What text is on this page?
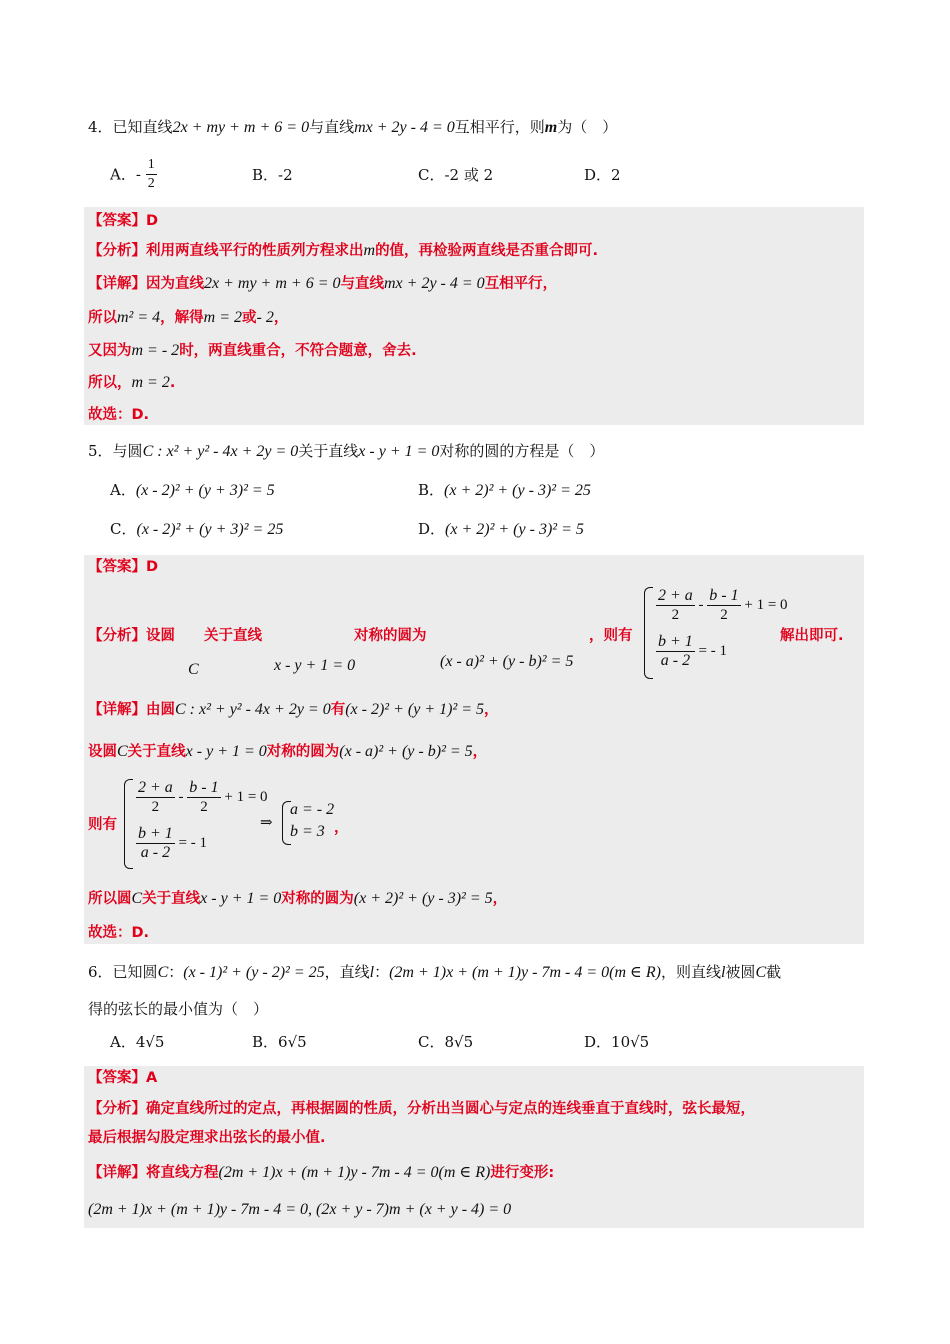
4．已知直线2x + my + m + 6 = 0与直线mx + 2y - 4 = 0互相平行，则m为（　）
A．- $\frac{1}{2}$	B．-2	C．-2 或 2	D．2
【答案】D
【分析】利用两直线平行的性质列方程求出m的值，再检验两直线是否重合即可.
【详解】因为直线2x + my + m + 6 = 0与直线mx + 2y - 4 = 0互相平行，
所以m² = 4，解得m = 2或- 2，
又因为m = - 2时，两直线重合，不符合题意，舍去.
所以，m = 2.
故选：D.
5．与圆C : x² + y² - 4x + 2y = 0关于直线x - y + 1 = 0对称的圆的方程是（　）
A．(x - 2)² + (y + 3)² = 5	B．(x + 2)² + (y - 3)² = 25
C．(x - 2)² + (y + 3)² = 25	D．(x + 2)² + (y - 3)² = 5
【答案】D
【分析】设圆
C
关于直线
x - y + 1 = 0
对称的圆为
(x - a)² + (y - b)² = 5
，则有
$\frac{2 + a}{2} - \frac{b - 1}{2} + 1 = 0$
$\frac{b + 1}{a - 2}$ = - 1
解出即可.
【详解】由圆C : x² + y² - 4x + 2y = 0有(x - 2)² + (y + 1)² = 5，
设圆C关于直线x - y + 1 = 0对称的圆为(x - a)² + (y - b)² = 5，
则有
$\frac{2 + a}{2} - \frac{b - 1}{2} + 1 = 0$
$\frac{b + 1}{a - 2}$ = - 1
⇒
a = - 2
b = 3 ，
所以圆C关于直线x - y + 1 = 0对称的圆为(x + 2)² + (y - 3)² = 5，
故选：D.
6．已知圆C：(x - 1)² + (y - 2)² = 25，直线l：(2m + 1)x + (m + 1)y - 7m - 4 = 0(m ∈ R)，则直线l被圆C截
得的弦长的最小值为（　）
A．4√5	B．6√5	C．8√5	D．10√5
【答案】A
【分析】确定直线所过的定点，再根据圆的性质，分析出当圆心与定点的连线垂直于直线时，弦长最短，
最后根据勾股定理求出弦长的最小值.
【详解】将直线方程(2m + 1)x + (m + 1)y - 7m - 4 = 0(m ∈ R)进行变形:
(2m + 1)x + (m + 1)y - 7m - 4 = 0, (2x + y - 7)m + (x + y - 4) = 0
